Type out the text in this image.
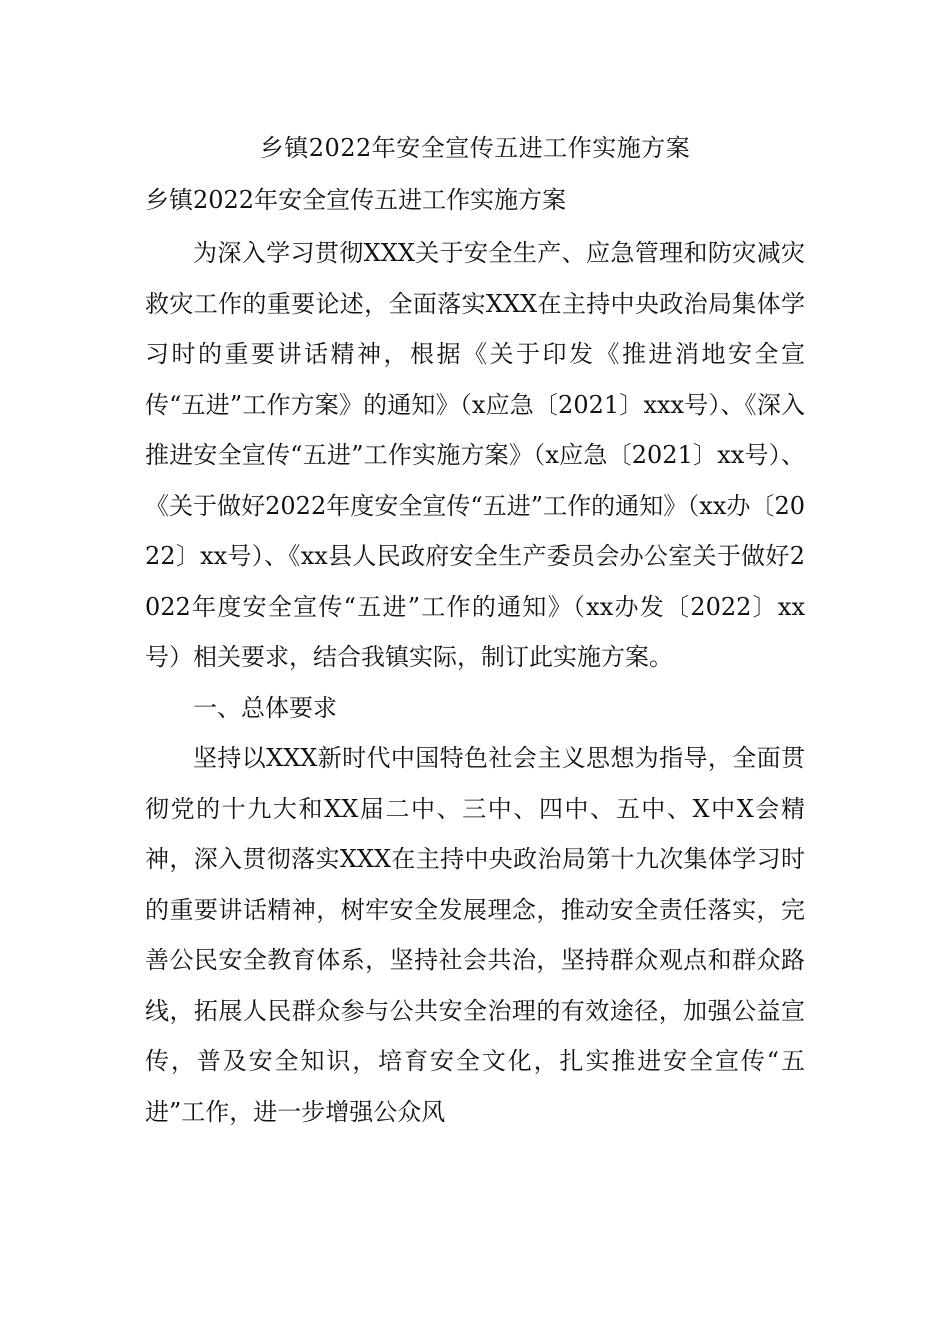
乡镇2022年安全宣传五进工作实施方案
乡镇2022年安全宣传五进工作实施方案

为深入学习贯彻XXX关于安全生产、应急管理和防灾减灾救灾工作的重要论述，全面落实XXX在主持中央政治局集体学习时的重要讲话精神，根据《关于印发《推进消地安全宣传“五进”工作方案》的通知》（x应急〔2021〕xxx号）、《深入推进安全宣传“五进”工作实施方案》（x应急〔2021〕xx号）、《关于做好2022年度安全宣传“五进”工作的通知》（xx办〔2022〕xx号）、《xx县人民政府安全生产委员会办公室关于做好2022年度安全宣传“五进”工作的通知》（xx办发〔2022〕xx号）相关要求，结合我镇实际，制订此实施方案。

一、总体要求

坚持以XXX新时代中国特色社会主义思想为指导，全面贯彻党的十九大和XX届二中、三中、四中、五中、X中X会精神，深入贯彻落实XXX在主持中央政治局第十九次集体学习时的重要讲话精神，树牢安全发展理念，推动安全责任落实，完善公民安全教育体系，坚持社会共治，坚持群众观点和群众路线，拓展人民群众参与公共安全治理的有效途径，加强公益宣传，普及安全知识，培育安全文化，扎实推进安全宣传“五进”工作，进一步增强公众风
